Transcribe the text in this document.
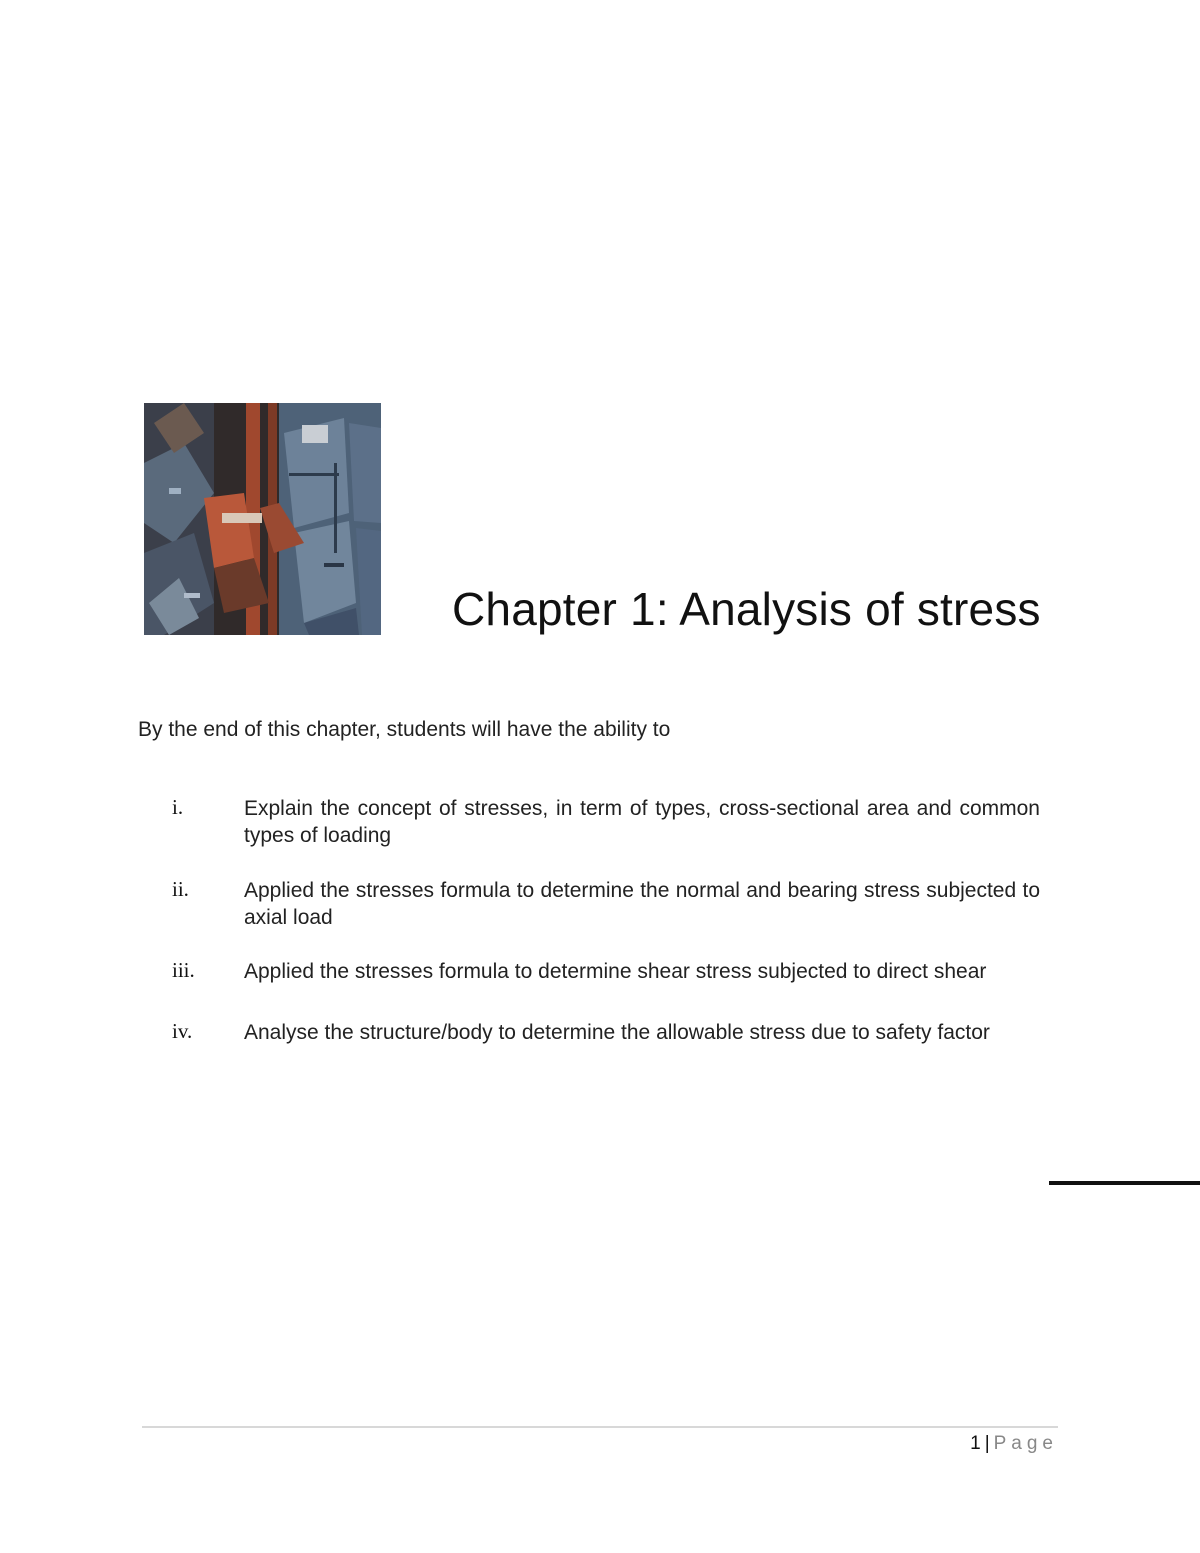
Chapter 1: Analysis of stress
By the end of this chapter, students will have the ability to
i.	Explain the concept of stresses, in term of types, cross-sectional area and common types of loading
ii.	Applied the stresses formula to determine the normal and bearing stress subjected to axial load
iii. Applied the stresses formula to determine shear stress subjected to direct shear
iv. Analyse the structure/body to determine the allowable stress due to safety factor
1 | Page
